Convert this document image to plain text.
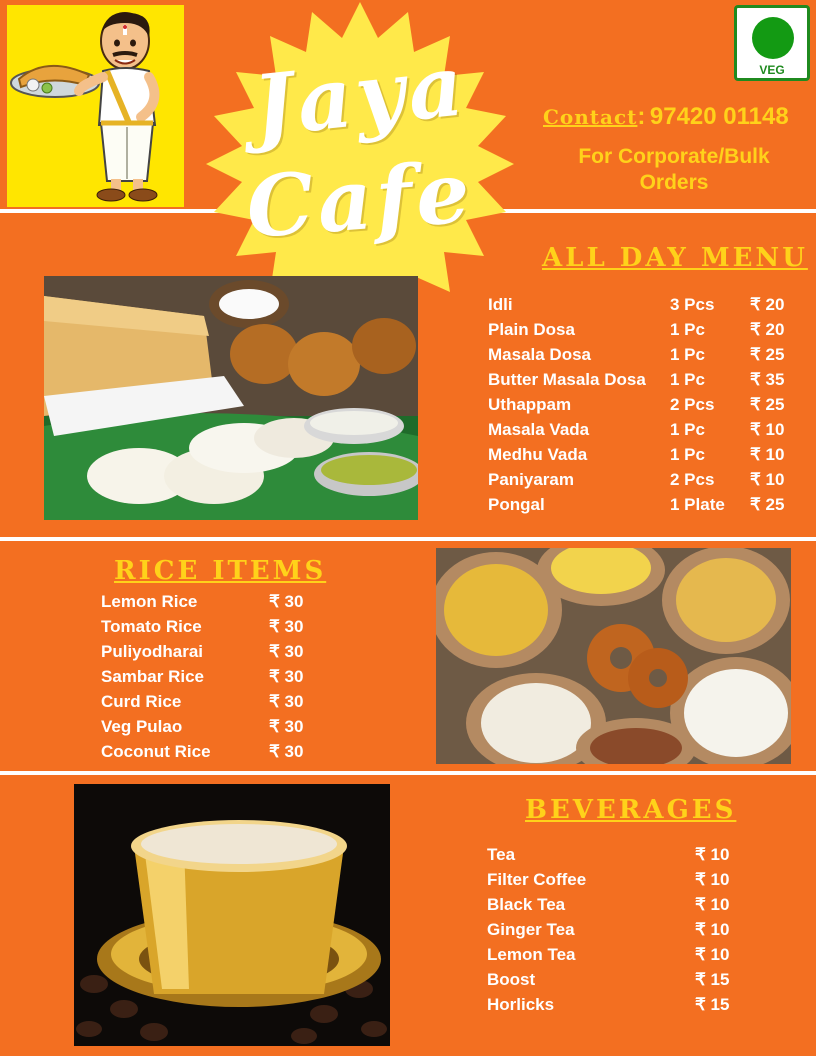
Jaya
Cafe
VEG
Contact: 97420 01148
For Corporate/Bulk Orders
ALL DAY MENU
Idli	3 Pcs ₹ 20
Plain Dosa	1 Pc	₹ 20
Masala Dosa	1 Pc	₹ 25
Butter Masala Dosa 1 Pc	₹ 35
Uthappam	2 Pcs ₹ 25
Masala Vada	1 Pc	₹ 10
Medhu Vada	1 Pc	₹ 10
Paniyaram	2 Pcs ₹ 10
Pongal	1 Plate ₹ 25
RICE ITEMS
Lemon Rice	₹ 30
Tomato Rice	₹ 30
Puliyodharai	₹ 30
Sambar Rice	₹ 30
Curd Rice	₹ 30
Veg Pulao	₹ 30
Coconut Rice	₹ 30
BEVERAGES
Tea	₹ 10
Filter Coffee	₹ 10
Black Tea	₹ 10
Ginger Tea	₹ 10
Lemon Tea	₹ 10
Boost	₹ 15
Horlicks	₹ 15
